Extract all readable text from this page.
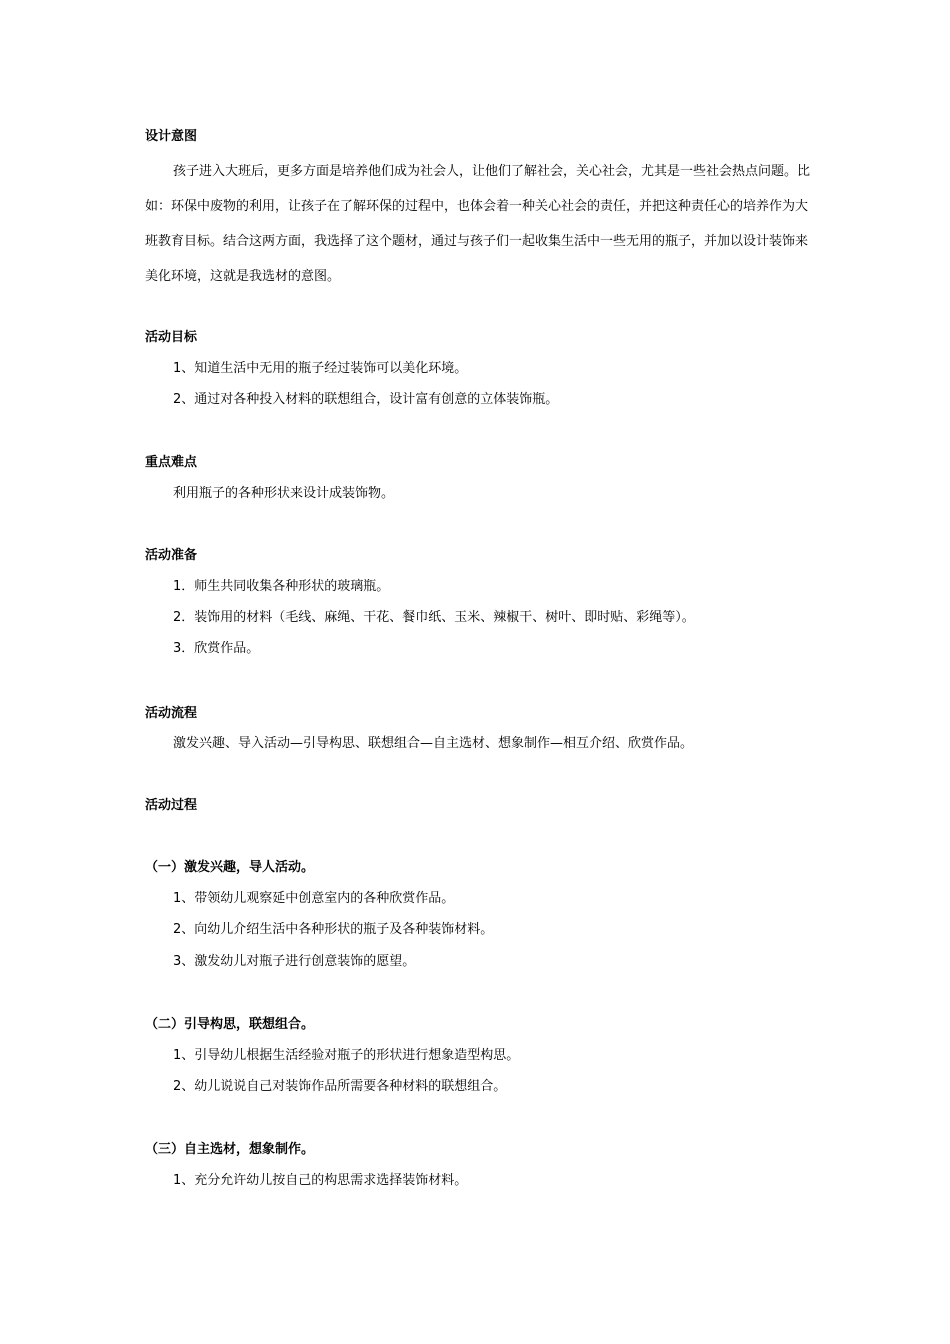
设计意图
孩子进入大班后，更多方面是培养他们成为社会人，让他们了解社会，关心社会，尤其是一些社会热点问题。比如：环保中废物的利用，让孩子在了解环保的过程中，也体会着一种关心社会的责任，并把这种责任心的培养作为大班教育目标。结合这两方面，我选择了这个题材，通过与孩子们一起收集生活中一些无用的瓶子，并加以设计装饰来美化环境，这就是我选材的意图。
活动目标
1、知道生活中无用的瓶子经过装饰可以美化环境。
2、通过对各种投入材料的联想组合，设计富有创意的立体装饰瓶。
重点难点
利用瓶子的各种形状来设计成装饰物。
活动准备
1．师生共同收集各种形状的玻璃瓶。
2．装饰用的材料（毛线、麻绳、干花、餐巾纸、玉米、辣椒干、树叶、即时贴、彩绳等）。
3．欣赏作品。
活动流程
激发兴趣、导入活动—引导构思、联想组合—自主选材、想象制作—相互介绍、欣赏作品。
活动过程
（一）激发兴趣，导人活动。
1、带领幼儿观察延中创意室内的各种欣赏作品。
2、向幼儿介绍生活中各种形状的瓶子及各种装饰材料。
3、激发幼儿对瓶子进行创意装饰的愿望。
（二）引导构思，联想组合。
1、引导幼儿根据生活经验对瓶子的形状进行想象造型构思。
2、幼儿说说自己对装饰作品所需要各种材料的联想组合。
（三）自主选材，想象制作。
1、充分允许幼儿按自己的构思需求选择装饰材料。
